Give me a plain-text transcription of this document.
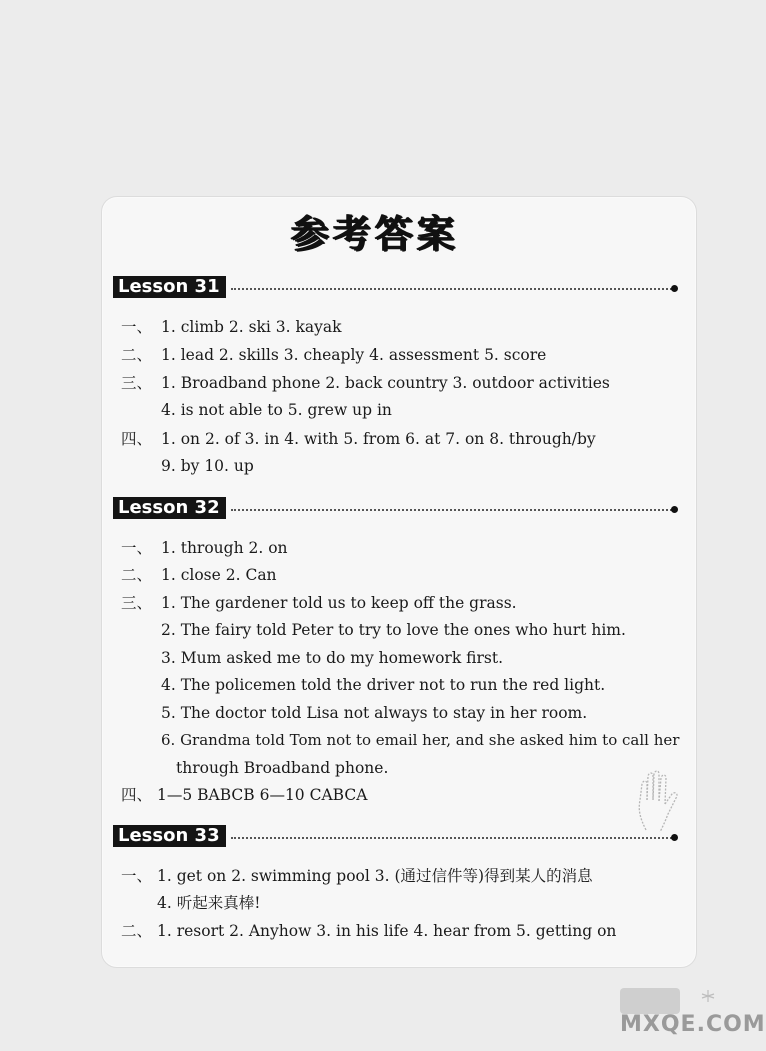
参考答案
Lesson 31
一、 1. climb 2. ski 3. kayak
二、 1. lead 2. skills 3. cheaply 4. assessment 5. score
三、 1. Broadband phone 2. back country 3. outdoor activities
4. is not able to 5. grew up in
四、 1. on 2. of 3. in 4. with 5. from 6. at 7. on 8. through/by
9. by 10. up
Lesson 32
一、 1. through 2. on
二、 1. close 2. Can
三、 1. The gardener told us to keep off the grass.
2. The fairy told Peter to try to love the ones who hurt him.
3. Mum asked me to do my homework first.
4. The policemen told the driver not to run the red light.
5. The doctor told Lisa not always to stay in her room.
6. Grandma told Tom not to email her, and she asked him to call her
through Broadband phone.
四、 1—5 BABCB 6—10 CABCA
Lesson 33
一、 1. get on 2. swimming pool 3. (通过信件等)得到某人的消息
4. 听起来真棒!
二、 1. resort 2. Anyhow 3. in his life 4. hear from 5. getting on
MXQE.COM
